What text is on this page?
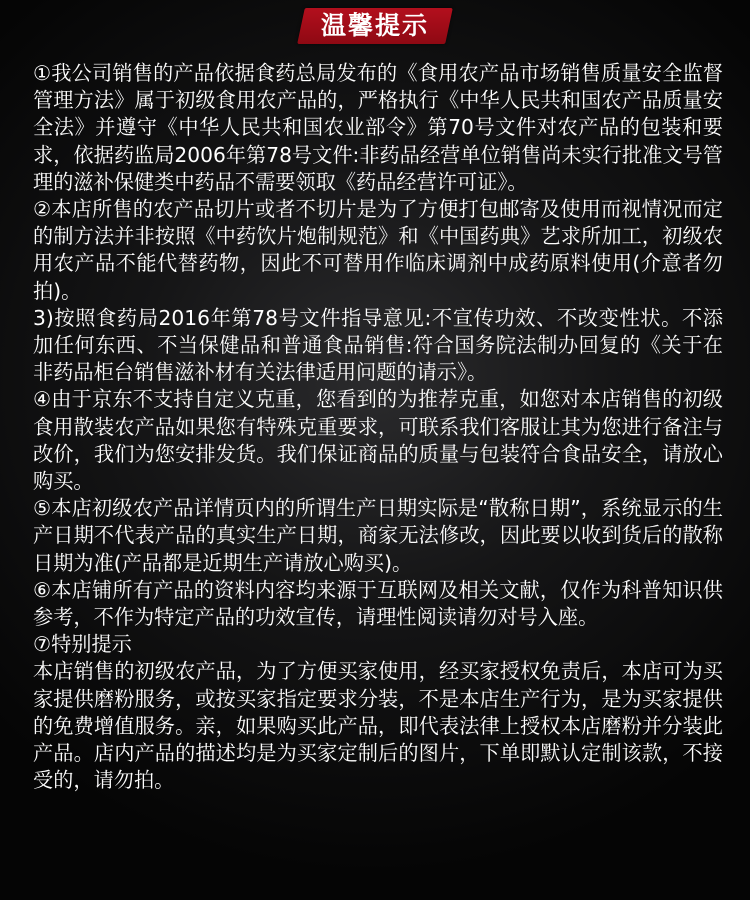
温馨提示

①我公司销售的产品依据食药总局发布的《食用农产品市场销售质量安全监督管理方法》属于初级食用农产品的，严格执行《中华人民共和国农产品质量安全法》并遵守《中华人民共和国农业部令》第70号文件对农产品的包装和要求，依据药监局2006年第78号文件:非药品经营单位销售尚未实行批准文号管理的滋补保健类中药品不需要领取《药品经营许可证》。

②本店所售的农产品切片或者不切片是为了方便打包邮寄及使用而视情况而定的制方法并非按照《中药饮片炮制规范》和《中国药典》艺求所加工，初级农用农产品不能代替药物，因此不可替用作临床调剂中成药原料使用(介意者勿拍)。

3)按照食药局2016年第78号文件指导意见:不宣传功效、不改变性状。不添加任何东西、不当保健品和普通食品销售:符合国务院法制办回复的《关于在非药品柜台销售滋补材有关法律适用问题的请示》。

④由于京东不支持自定义克重，您看到的为推荐克重，如您对本店销售的初级食用散装农产品如果您有特殊克重要求，可联系我们客服让其为您进行备注与改价，我们为您安排发货。我们保证商品的质量与包装符合食品安全，请放心购买。

⑤本店初级农产品详情页内的所谓生产日期实际是“散称日期”，系统显示的生产日期不代表产品的真实生产日期，商家无法修改，因此要以收到货后的散称日期为准(产品都是近期生产请放心购买)。

⑥本店铺所有产品的资料内容均来源于互联网及相关文献，仅作为科普知识供参考，不作为特定产品的功效宣传，请理性阅读请勿对号入座。

⑦特别提示

本店销售的初级农产品，为了方便买家使用，经买家授权免责后，本店可为买家提供磨粉服务，或按买家指定要求分装，不是本店生产行为，是为买家提供的免费增值服务。亲，如果购买此产品，即代表法律上授权本店磨粉并分装此产品。店内产品的描述均是为买家定制后的图片，下单即默认定制该款，不接受的，请勿拍。
